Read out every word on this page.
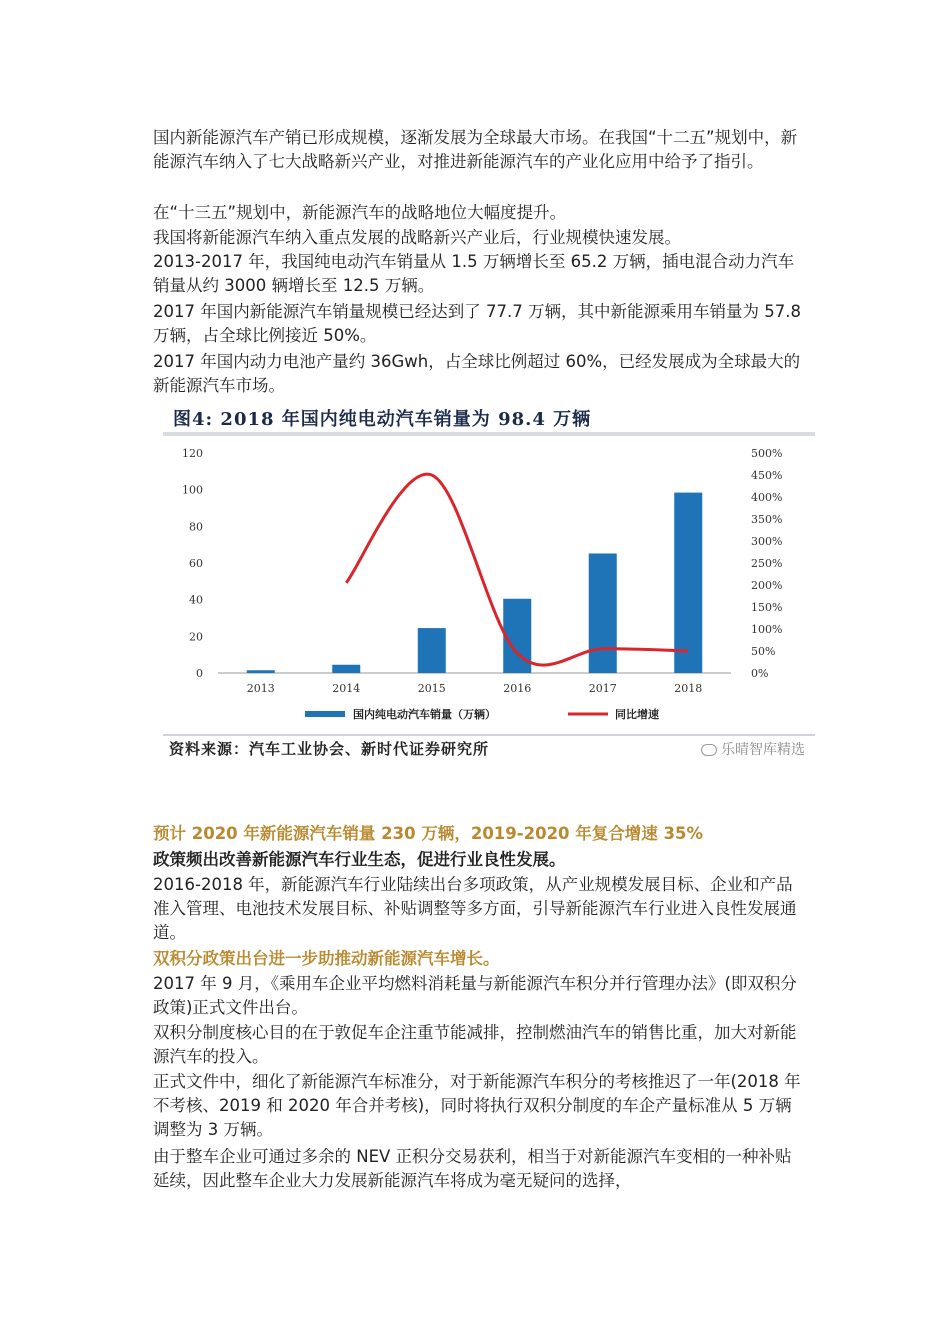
国内新能源汽车产销已形成规模，逐渐发展为全球最大市场。在我国“十二五”规划中，新能源汽车纳入了七大战略新兴产业，对推进新能源汽车的产业化应用中给予了指引。

在“十三五”规划中，新能源汽车的战略地位大幅度提升。

我国将新能源汽车纳入重点发展的战略新兴产业后，行业规模快速发展。

2013-2017 年，我国纯电动汽车销量从 1.5 万辆增长至 65.2 万辆，插电混合动力汽车销量从约 3000 辆增长至 12.5 万辆。

2017 年国内新能源汽车销量规模已经达到了 77.7 万辆，其中新能源乘用车销量为 57.8 万辆，占全球比例接近 50%。

2017 年国内动力电池产量约 36Gwh，占全球比例超过 60%，已经发展成为全球最大的新能源汽车市场。

图4: 2018 年国内纯电动汽车销量为 98.4 万辆
0
20
40
60
80
100
120
0%
50%
100%
150%
200%
250%
300%
350%
400%
450%
500%
2013	2014	2015	2016	2017	2018
国内纯电动汽车销量（万辆）	同比增速
资料来源：汽车工业协会、新时代证券研究所	乐晴智库精选

预计 2020 年新能源汽车销量 230 万辆，2019-2020 年复合增速 35%

政策频出改善新能源汽车行业生态，促进行业良性发展。

2016-2018 年，新能源汽车行业陆续出台多项政策，从产业规模发展目标、企业和产品准入管理、电池技术发展目标、补贴调整等多方面，引导新能源汽车行业进入良性发展通道。

双积分政策出台进一步助推动新能源汽车增长。

2017 年 9 月，《乘用车企业平均燃料消耗量与新能源汽车积分并行管理办法》(即双积分政策)正式文件出台。

双积分制度核心目的在于敦促车企注重节能减排，控制燃油汽车的销售比重，加大对新能源汽车的投入。

正式文件中，细化了新能源汽车标准分，对于新能源汽车积分的考核推迟了一年(2018 年不考核、2019 和 2020 年合并考核)，同时将执行双积分制度的车企产量标准从 5 万辆调整为 3 万辆。

由于整车企业可通过多余的 NEV 正积分交易获利，相当于对新能源汽车变相的一种补贴延续，因此整车企业大力发展新能源汽车将成为毫无疑问的选择，
